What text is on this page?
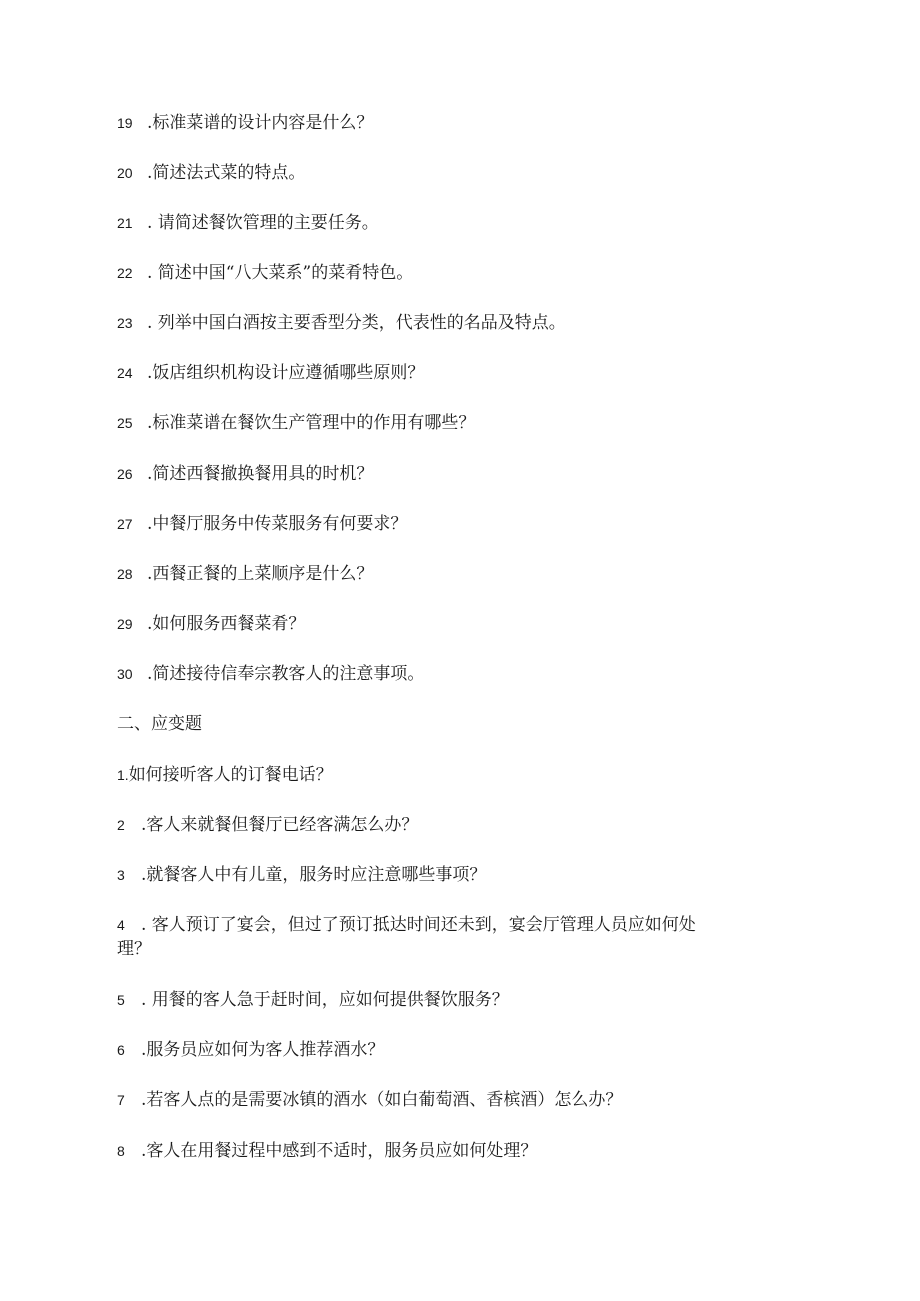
19 .标准菜谱的设计内容是什么？
20 .简述法式菜的特点。
21 . 请简述餐饮管理的主要任务。
22 . 简述中国“八大菜系”的菜肴特色。
23 . 列举中国白酒按主要香型分类，代表性的名品及特点。
24 .饭店组织机构设计应遵循哪些原则？
25 .标准菜谱在餐饮生产管理中的作用有哪些？
26 .简述西餐撤换餐用具的时机？
27 .中餐厅服务中传菜服务有何要求？
28 .西餐正餐的上菜顺序是什么？
29 .如何服务西餐菜肴？
30 .简述接待信奉宗教客人的注意事项。
二、应变题
1.如何接听客人的订餐电话？
2 .客人来就餐但餐厅已经客满怎么办？
3 .就餐客人中有儿童，服务时应注意哪些事项？
4 . 客人预订了宴会，但过了预订抵达时间还未到，宴会厅管理人员应如何处
理？
5 . 用餐的客人急于赶时间，应如何提供餐饮服务？
6 .服务员应如何为客人推荐酒水？
7 .若客人点的是需要冰镇的酒水（如白葡萄酒、香槟酒）怎么办？
8 .客人在用餐过程中感到不适时，服务员应如何处理？
